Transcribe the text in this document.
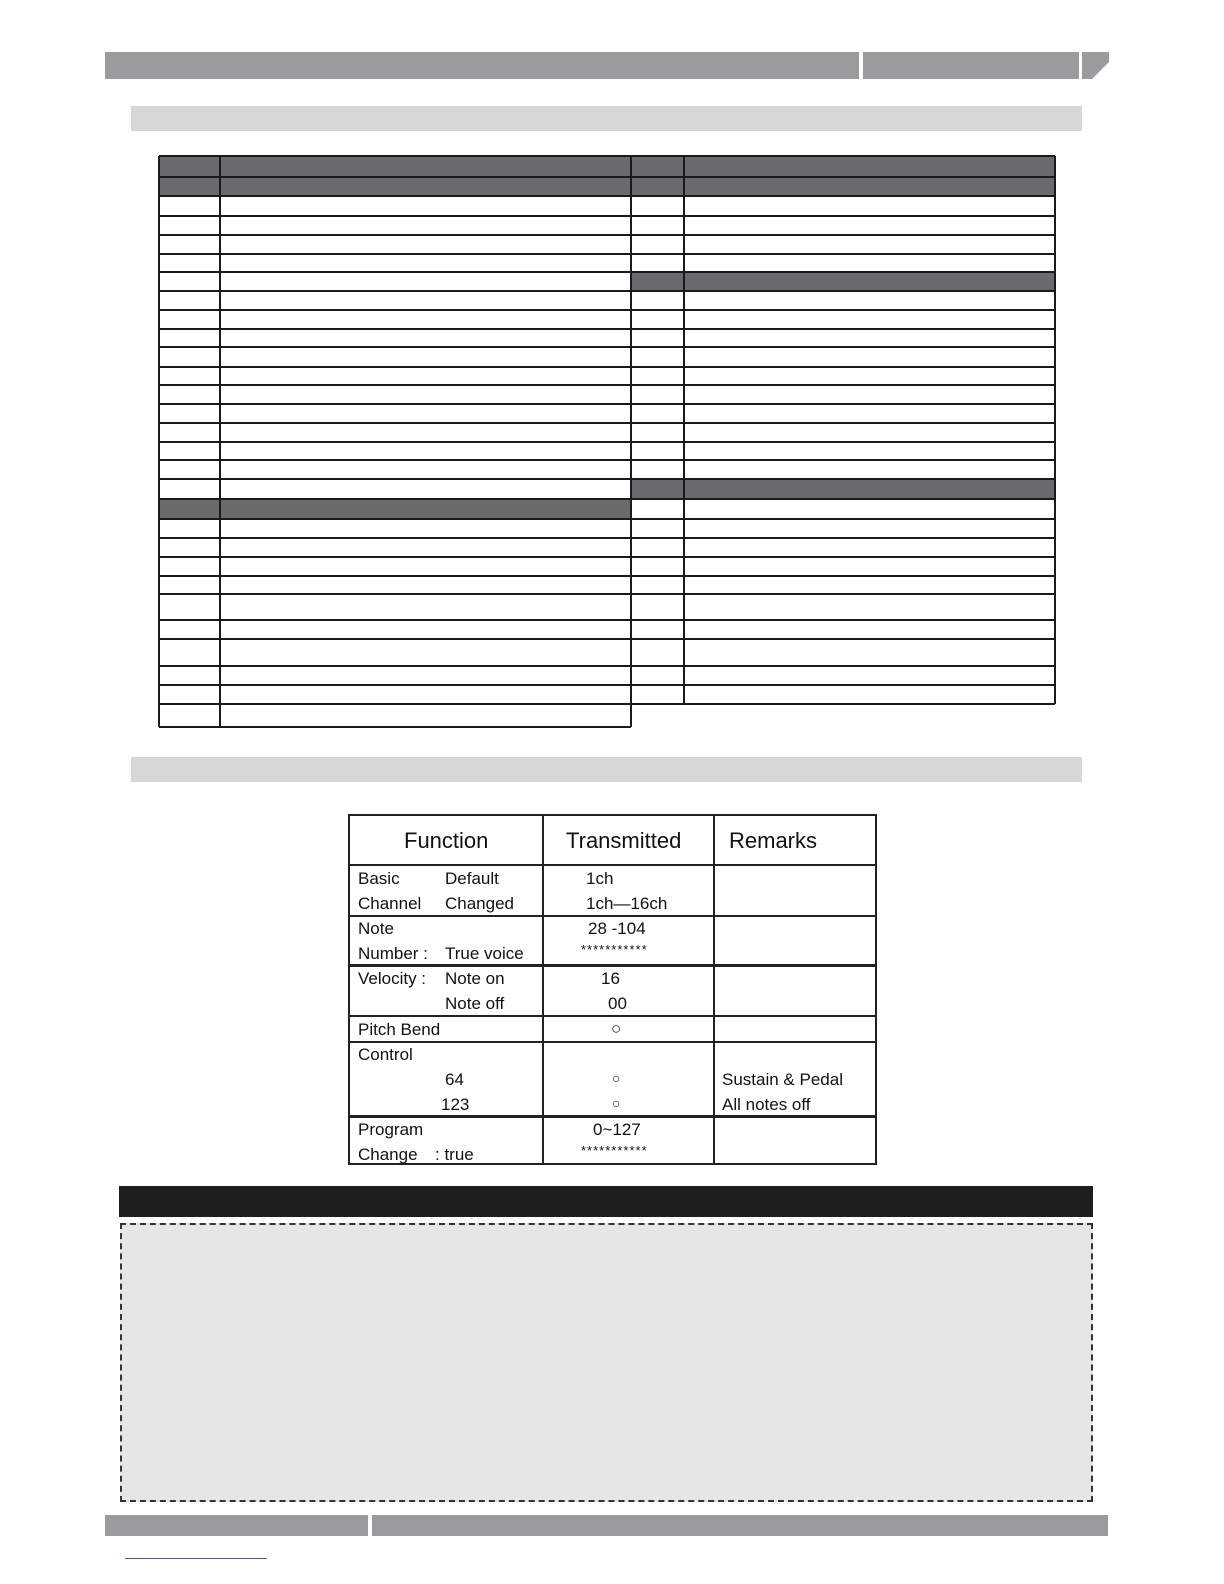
Function	Transmitted Remarks
Basic
Channel
Default
Changed
1ch
1ch—16ch
Note
Number : True voice
28 -104
***********
Velocity : Note on
Note off
16
00
Pitch Bend	○
Control
64
123
○
○
Sustain & Pedal
All notes off
Program
Change : true
0~127
***********
